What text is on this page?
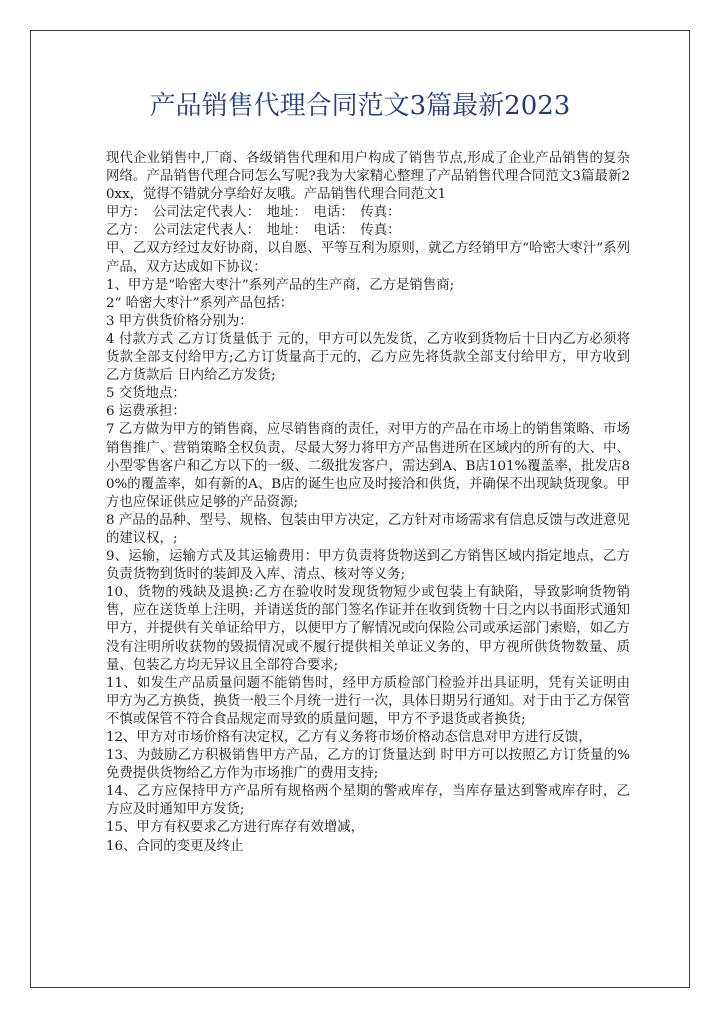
产品销售代理合同范文3篇最新2023

现代企业销售中,厂商、各级销售代理和用户构成了销售节点,形成了企业产品销售的复杂网络。产品销售代理合同怎么写呢?我为大家精心整理了产品销售代理合同范文3篇最新20xx，觉得不错就分享给好友哦。产品销售代理合同范文1

甲方：　公司法定代表人：　地址：　电话：　传真：

乙方：　公司法定代表人：　地址：　电话：　传真：

甲、乙双方经过友好协商，以自愿、平等互利为原则，就乙方经销甲方“哈密大枣汁”系列产品，双方达成如下协议：

1、甲方是“哈密大枣汁”系列产品的生产商，乙方是销售商;

2“ 哈密大枣汁”系列产品包括：

3 甲方供货价格分别为：

4 付款方式 乙方订货量低于 元的，甲方可以先发货，乙方收到货物后十日内乙方必须将货款全部支付给甲方;乙方订货量高于元的，乙方应先将货款全部支付给甲方，甲方收到乙方货款后 日内给乙方发货;

5 交货地点：

6 运费承担：

7 乙方做为甲方的销售商，应尽销售商的责任，对甲方的产品在市场上的销售策略、市场销售推广、营销策略全权负责，尽最大努力将甲方产品售进所在区域内的所有的大、中、小型零售客户和乙方以下的一级、二级批发客户，需达到A、B店101%覆盖率，批发店80%的覆盖率，如有新的A、B店的诞生也应及时接洽和供货，并确保不出现缺货现象。甲方也应保证供应足够的产品资源;

8 产品的品种、型号、规格、包装由甲方决定，乙方针对市场需求有信息反馈与改进意见的建议权，;

9、运输，运输方式及其运输费用：甲方负责将货物送到乙方销售区域内指定地点，乙方负责货物到货时的装卸及入库、清点、核对等义务;

10、货物的残缺及退换:乙方在验收时发现货物短少或包装上有缺陷，导致影响货物销售，应在送货单上注明，并请送货的部门签名作证并在收到货物十日之内以书面形式通知甲方，并提供有关单证给甲方，以便甲方了解情况或向保险公司或承运部门索赔，如乙方没有注明所收获物的毁损情况或不履行提供相关单证义务的，甲方视所供货物数量、质量、包装乙方均无异议且全部符合要求;

11、如发生产品质量问题不能销售时，经甲方质检部门检验并出具证明，凭有关证明由甲方为乙方换货，换货一般三个月统一进行一次，具体日期另行通知。对于由于乙方保管不慎或保管不符合食品规定而导致的质量问题，甲方不予退货或者换货;

12、甲方对市场价格有决定权，乙方有义务将市场价格动态信息对甲方进行反馈，

13、为鼓励乙方积极销售甲方产品，乙方的订货量达到 时甲方可以按照乙方订货量的%免费提供货物给乙方作为市场推广的费用支持;

14、乙方应保持甲方产品所有规格两个星期的警戒库存，当库存量达到警戒库存时，乙方应及时通知甲方发货;

15、甲方有权要求乙方进行库存有效增减，

16、合同的变更及终止
